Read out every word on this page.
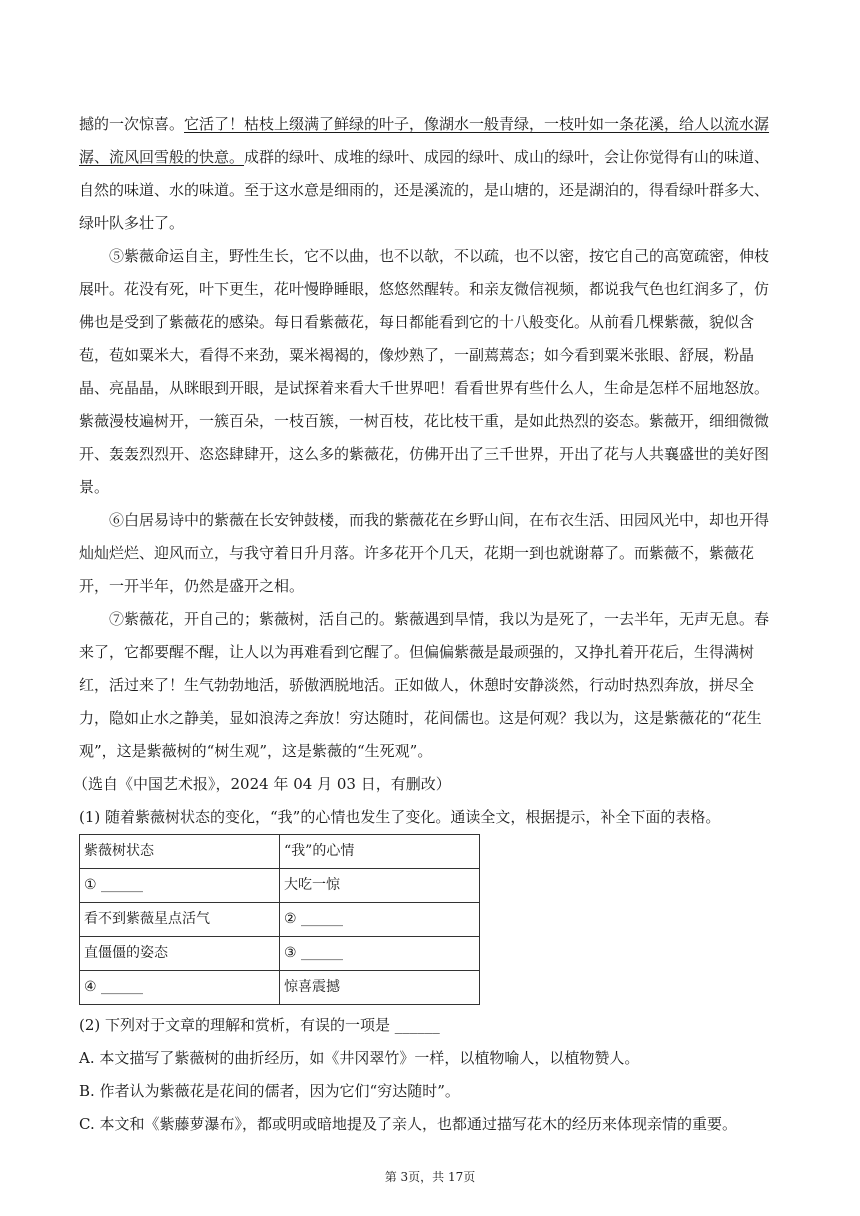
撼的一次惊喜。它活了！枯枝上缀满了鲜绿的叶子，像湖水一般青绿，一枝叶如一条花溪，给人以流水潺潺、流风回雪般的快意。成群的绿叶、成堆的绿叶、成园的绿叶、成山的绿叶，会让你觉得有山的味道、自然的味道、水的味道。至于这水意是细雨的，还是溪流的，是山塘的，还是湖泊的，得看绿叶群多大、绿叶队多壮了。

⑤紫薇命运自主，野性生长，它不以曲，也不以欹，不以疏，也不以密，按它自己的高宽疏密，伸枝展叶。花没有死，叶下更生，花叶慢睁睡眼，悠悠然醒转。和亲友微信视频，都说我气色也红润多了，仿佛也是受到了紫薇花的感染。每日看紫薇花，每日都能看到它的十八般变化。从前看几棵紫薇，貌似含苞，苞如粟米大，看得不来劲，粟米褐褐的，像炒熟了，一副蔫蔫态；如今看到粟米张眼、舒展，粉晶晶、亮晶晶，从眯眼到开眼，是试探着来看大千世界吧！看看世界有些什么人，生命是怎样不屈地怒放。紫薇漫枝遍树开，一簇百朵，一枝百簇，一树百枝，花比枝干重，是如此热烈的姿态。紫薇开，细细微微开、轰轰烈烈开、恣恣肆肆开，这么多的紫薇花，仿佛开出了三千世界，开出了花与人共襄盛世的美好图景。

⑥白居易诗中的紫薇在长安钟鼓楼，而我的紫薇花在乡野山间，在布衣生活、田园风光中，却也开得灿灿烂烂、迎风而立，与我守着日升月落。许多花开个几天，花期一到也就谢幕了。而紫薇不，紫薇花开，一开半年，仍然是盛开之相。

⑦紫薇花，开自己的；紫薇树，活自己的。紫薇遇到旱情，我以为是死了，一去半年，无声无息。春来了，它都要醒不醒，让人以为再难看到它醒了。但偏偏紫薇是最顽强的，又挣扎着开花后，生得满树红，活过来了！生气勃勃地活，骄傲洒脱地活。正如做人，休憩时安静淡然，行动时热烈奔放，拼尽全力，隐如止水之静美，显如浪涛之奔放！穷达随时，花间儒也。这是何观？我以为，这是紫薇花的“花生观”，这是紫薇树的“树生观”，这是紫薇的“生死观”。

（选自《中国艺术报》，2024 年 04 月 03 日，有删改）

(1) 随着紫薇树状态的变化，“我”的心情也发生了变化。通读全文，根据提示，补全下面的表格。

紫薇树状态	“我”的心情
① ______	大吃一惊
看不到紫薇星点活气	② ______
直僵僵的姿态	③ ______
④ ______	惊喜震撼

(2) 下列对于文章的理解和赏析，有误的一项是 ______

A. 本文描写了紫薇树的曲折经历，如《井冈翠竹》一样，以植物喻人，以植物赞人。

B. 作者认为紫薇花是花间的儒者，因为它们“穷达随时”。

C. 本文和《紫藤萝瀑布》，都或明或暗地提及了亲人，也都通过描写花木的经历来体现亲情的重要。

第 3页，共 17页
